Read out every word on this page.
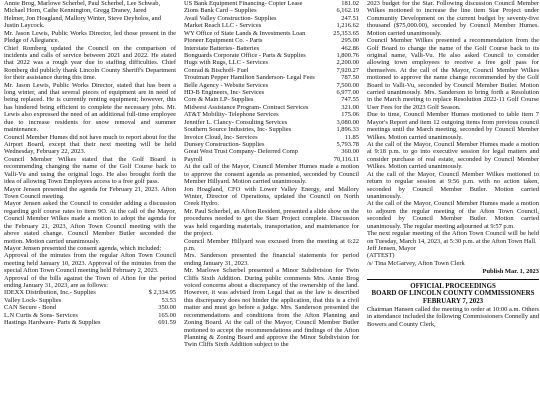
Annie Brog, Marlowe Scherbel, Paul Scherbel, Lee Schwab,
Michael Horn, Cathe Kennington, Gregg Draney, Jared
Helmer, Jon Hoagland, Mallory Winter, Steve Deyholos, and
Justin Laycock.

Mr. Jason Lewis, Public Works Director, led those present in the Pledge of Allegiance.

Chief Romberg updated the Council on the comparison of incidents and calls of service between 2021 and 2022. He stated that 2022 was a rough year due to staffing difficulties. Chief Romberg did publicly thank Lincoln County Sheriff's Department for their assistance during this time.

Mr. Jason Lewis, Public Works Director, stated that has been a long winter, and that several pieces of equipment are in need of being replaced. He is currently renting equipment; however, this has hindered being efficient to complete the necessary jobs. Mr. Lewis also expressed the need of an additional full-time employee due to increase residents for snow removal and summer maintenance.

Council Member Humes did not have much to report about for the Airport Board, except that their next meeting will be held Wednesday, February 22, 2023.

Council Member Wilkes stated that the Golf Board is recommending changing the name of the Golf Course back to Valli-Vu and using the original logo. He also brought forth the idea of allowing Town Employees access to a free golf pass.

Mayor Jensen presented the agenda for February 21, 2023. Afton Town Council meeting.

Mayor Jensen asked the Council to consider adding a discussion regarding golf course rates to item 9O. At the call of the Mayor, Council Member Wilkes made a motion to adopt the agenda for the February 21, 2023, Afton Town Council meeting with the above stated change. Council Member Butler seconded the motion. Motion carried unanimously.

Mayor Jensen presented the consent agenda, which included:

Approval of the minutes from the regular Afton Town Council meeting held January 10, 2023. Approval of the minutes from the special Afton Town Council meeting held February 2, 2023.

Approval of the bills against the Town of Afton for the period ending January 31, 2023, are as follows:

IDEXX Distribution, Inc.- Supplies	$ 2,334.95
Valley Lock- Supplies	53.53
CAN Secure - Bond	350.00
L.N Curtis & Sons- Services	165.00
Hastings Hardware- Parts & Supplies	691.59
US Bank Equipment Financing- Copier Lease	181.02
Zions Bank Card – Supplies	6,162.19
Avail Valley Construction- Supplies	247.51
Market Reach LLC - Services	1,216.62
WY Office of State Lands & Investments Loan	25,353.65
Pioneer Equipment Co. - Parts	295.00
Interstate Batteries- Batteries	462.86
Bonguards Corporate Office - Parts & Supplies	1,800.76
Hugs with Rugs, LLC - Services	2,200.00
Conrad & Bischoff- Fuel	7,920.27
Troutman Pepper Hamilton Sanderson- Legal Fees	787.50
Belle Agency - Website Services	7,500.00
HD-B Engineers, Inc- Services	6,977.00
Core & Main LP- Supplies	747.55
Midwest Assistance Program- Contract Services	321.00
AT&T Mobility- Telephone Services	175.06
Jennifer L. Clancy- Consulting Services	3,080.00
Southern Source Industries, Inc- Supplies	1,896.33
Invoice Cloud, Inc- Services	11.85
Dunsey Construction- Supplies	5,793.78
Great West Trust Company- Deferred Comp	360.00
Payroll	70,116.11

At the call of the Mayor, Council Member Humes made a motion to approve the consent agenda as presented, seconded by Council Member Hillyard. Motion carried unanimously.

Jon Hoagland, CFO with Lower Valley Energy, and Mallory Winter, Director of Operations, updated the Council on North Creek Hydro.

Mr. Paul Scherbel, an Afton Resident, presented a slide show on the procedures needed to get the Starr Project complete. Discussion was held regarding materials, transportation, and maintenance for the project.

Council Member Hillyard was excused from the meeting at 6:22 p.m.

Mrs. Sanderson presented the financial statements for period ending January 31, 2023.

Mr. Marlowe Scherbel presented a Minor Subdivision for Twin Cliffs Sixth Addition. During public comments Mrs. Annie Brog voiced concerns about a discrepancy of the ownership of the land. However, it was advised from Legal that as the law is described this discrepancy does not hinder the application, that this is a civil matter and must go before a judge. Mrs. Sanderson presented the recommendations and conditions from the Afton Planning and Zoning Board. At the call of the Mayor, Council Member Butler motioned to accept the recommendations and findings of the Afton Planning & Zoning Board and approve the Minor Subdivision for Twin Cliffs Sixth Addition subject to the

2023 budget for the Star. Following discussion Council Member Wilkes motioned to increase the line item Star Project under Community Development on the current budget by seventy-five thousand ($75,000.00), seconded by Council Member Humes. Motion carried unanimously.

Council Member Wilkes presented a recommendation from the Golf Board to change the name of the Golf Course back to its original name, Valli-Vu. He also asked Council to consider allowing town employees to receive a free golf pass for themselves. At the call of the Mayor, Council Member Wilkes motioned to approve the name change recommended by the Golf Board to Valli-Vu, seconded by Council Member Butler. Motion carried unanimously. Mrs. Sanderson to bring forth a Resolution in the March meeting to replace Resolution 2022-11 Golf Course User Fees for the 2023 Golf Season.

Due to time, Council Member Humes motioned to table item 7 Mayor's Report and item 12 outgoing items from previous council meetings until the March meeting, seconded by Council Member Wilkes. Motion carried unanimously.

At the call of the Mayor, Council Member Humes made a motion at 9:18 p.m. to go into executive session for legal matters and consider purchase of real estate, seconded by Council Member Wilkes. Motion carried unanimously.

At the call of the Mayor, Council Member Wilkes motioned to return to regular session at 9:56 p.m. with no action taken, seconded by Council Member Butler. Motion carried unanimously.

At the call of the Mayor, Council Member Humes made a motion to adjourn the regular meeting of the Afton Town Council, seconded by Council Member Butler. Motion carried unanimously. The regular meeting adjourned at 9:57 p.m.

The next regular meeting of the Afton Town Council will be held on Tuesday, March 14, 2023, at 5:30 p.m. at the Afton Town Hall.

Jeff Jensen, Mayor

(ATTEST)

/s/ Tina McGarvey, Afton Town Clerk

Publish Mar. 1, 2023
OFFICIAL PROCEEDINGS
BOARD OF LINCOLN COUNTY COMMISSIONERS
FEBRUARY 7, 2023

Chairman Hansen called the meeting to order at 10:00 a.m. Others in attendance included the following Commissioners Connelly and Bowers and County Clerk,
